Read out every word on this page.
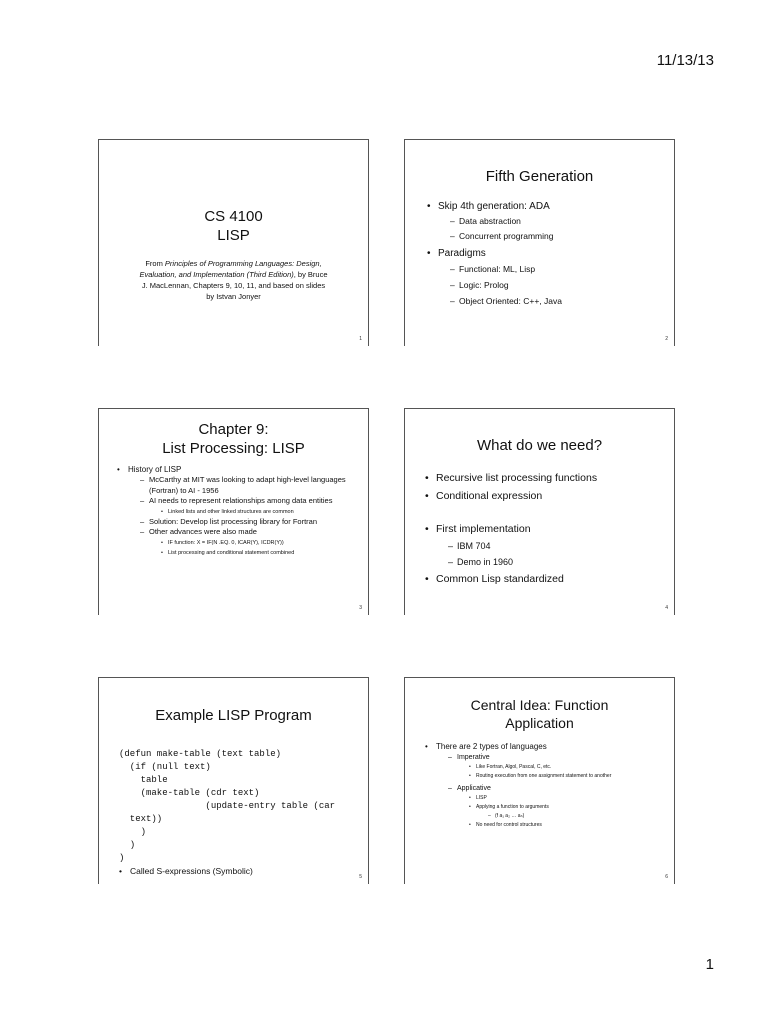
11/13/13
CS 4100
LISP
From Principles of Programming Languages: Design, Evaluation, and Implementation (Third Edition), by Bruce J. MacLennan, Chapters 9, 10, 11, and based on slides by Istvan Jonyer
1
Fifth Generation
• Skip 4th generation: ADA
– Data abstraction
– Concurrent programming
• Paradigms
– Functional: ML, Lisp
– Logic: Prolog
– Object Oriented: C++, Java
2
Chapter 9:
List Processing: LISP
• History of LISP
– McCarthy at MIT was looking to adapt high-level languages (Fortran) to AI - 1956
– AI needs to represent relationships among data entities
• Linked lists and other linked structures are common
– Solution: Develop list processing library for Fortran
– Other advances were also made
• IF function: X = IF(N .EQ. 0, ICAR(Y), ICDR(Y))
• List processing and conditional statement combined
3
What do we need?
• Recursive list processing functions
• Conditional expression
• First implementation
– IBM 704
– Demo in 1960
• Common Lisp standardized
4
Example LISP Program
(defun make-table (text table)
(if (null text)
table
(make-table (cdr text)
(update-entry table (car
text))
)
)
)
• Called S-expressions (Symbolic)
5
Central Idea: Function
Application
• There are 2 types of languages
– Imperative
• Like Fortran, Algol, Pascal, C, etc.
• Routing execution from one assignment statement to another
– Applicative
• LISP
• Applying a function to arguments
– (f a₁ a₂ … aₙ)
• No need for control structures
6
1
